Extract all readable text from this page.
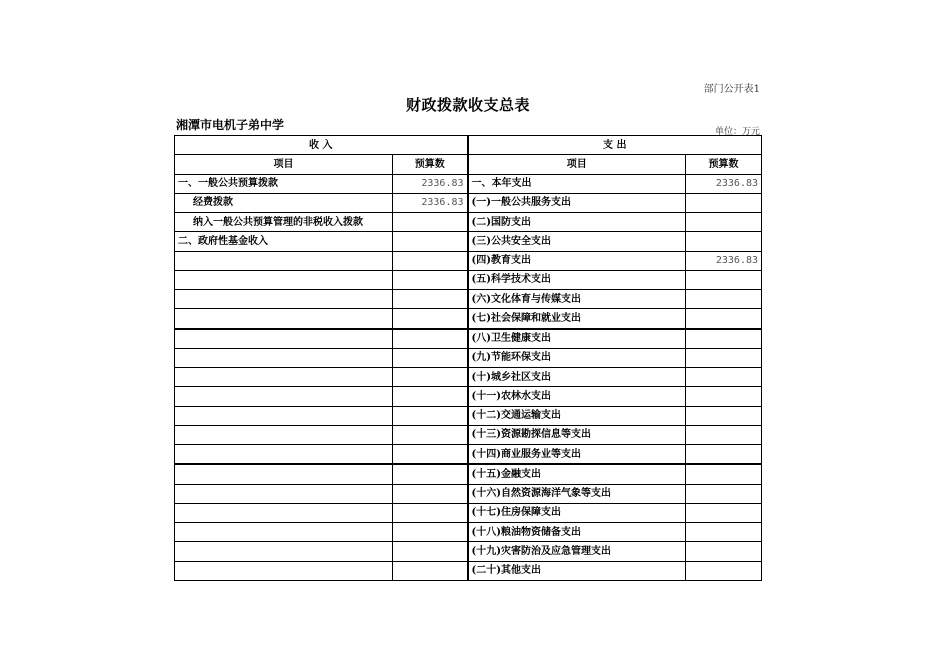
部门公开表1
财政拨款收支总表
湘潭市电机子弟中学	单位：万元
收 入		支 出	
项目	预算数	项目	预算数
一、一般公共预算拨款	2336.83	一、本年支出	2336.83
经费拨款	2336.83	(一)一般公共服务支出	
纳入一般公共预算管理的非税收入拨款		(二)国防支出	
二、政府性基金收入		(三)公共安全支出	
		(四)教育支出	2336.83
		(五)科学技术支出	
		(六)文化体育与传媒支出	
		(七)社会保障和就业支出	
		(八)卫生健康支出	
		(九)节能环保支出	
		(十)城乡社区支出	
		(十一)农林水支出	
		(十二)交通运输支出	
		(十三)资源勘探信息等支出	
		(十四)商业服务业等支出	
		(十五)金融支出	
		(十六)自然资源海洋气象等支出	
		(十七)住房保障支出	
		(十八)粮油物资储备支出	
		(十九)灾害防治及应急管理支出	
		(二十)其他支出	
